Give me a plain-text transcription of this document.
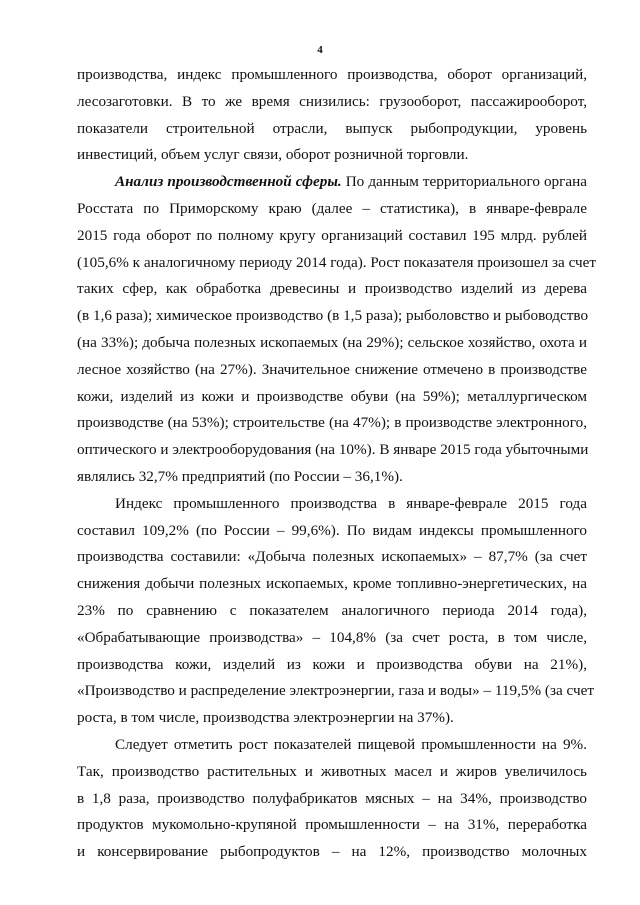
4
производства, индекс промышленного производства, оборот организаций,
лесозаготовки. В то же время снизились: грузооборот, пассажирооборот,
показатели строительной отрасли, выпуск рыбопродукции, уровень
инвестиций, объем услуг связи, оборот розничной торговли.
Анализ производственной сферы. По данным территориального органа
Росстата по Приморскому краю (далее – статистика), в январе-феврале
2015 года оборот по полному кругу организаций составил 195 млрд. рублей
(105,6% к аналогичному периоду 2014 года). Рост показателя произошел за счет
таких сфер, как обработка древесины и производство изделий из дерева
(в 1,6 раза); химическое производство (в 1,5 раза); рыболовство и рыбоводство
(на 33%); добыча полезных ископаемых (на 29%); сельское хозяйство, охота и
лесное хозяйство (на 27%). Значительное снижение отмечено в производстве
кожи, изделий из кожи и производстве обуви (на 59%); металлургическом
производстве (на 53%); строительстве (на 47%); в производстве электронного,
оптического и электрооборудования (на 10%). В январе 2015 года убыточными
являлись 32,7% предприятий (по России – 36,1%).
Индекс промышленного производства в январе-феврале 2015 года
составил 109,2% (по России – 99,6%). По видам индексы промышленного
производства составили: «Добыча полезных ископаемых» – 87,7% (за счет
снижения добычи полезных ископаемых, кроме топливно-энергетических, на
23% по сравнению с показателем аналогичного периода 2014 года),
«Обрабатывающие производства» – 104,8% (за счет роста, в том числе,
производства кожи, изделий из кожи и производства обуви на 21%),
«Производство и распределение электроэнергии, газа и воды» – 119,5% (за счет
роста, в том числе, производства электроэнергии на 37%).
Следует отметить рост показателей пищевой промышленности на 9%.
Так, производство растительных и животных масел и жиров увеличилось
в 1,8 раза, производство полуфабрикатов мясных – на 34%, производство
продуктов мукомольно-крупяной промышленности – на 31%, переработка
и консервирование рыбопродуктов – на 12%, производство молочных
